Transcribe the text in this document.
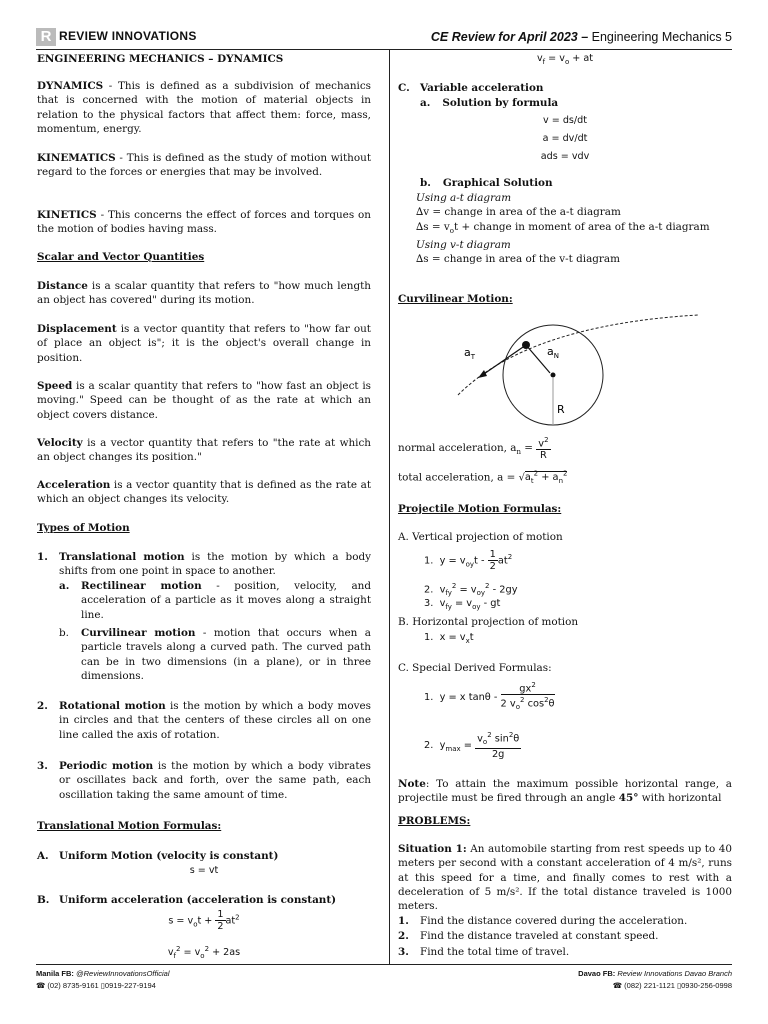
R REVIEW INNOVATIONS	CE Review for April 2023 – Engineering Mechanics 5
ENGINEERING MECHANICS – DYNAMICS

DYNAMICS - This is defined as a subdivision of mechanics that is concerned with the motion of material objects in relation to the physical factors that affect them: force, mass, momentum, energy.

KINEMATICS - This is defined as the study of motion without regard to the forces or energies that may be involved.

KINETICS - This concerns the effect of forces and torques on the motion of bodies having mass.

Scalar and Vector Quantities

Distance is a scalar quantity that refers to "how much length an object has covered" during its motion.

Displacement is a vector quantity that refers to "how far out of place an object is"; it is the object's overall change in position.

Speed is a scalar quantity that refers to "how fast an object is moving." Speed can be thought of as the rate at which an object covers distance.

Velocity is a vector quantity that refers to "the rate at which an object changes its position."

Acceleration is a vector quantity that is defined as the rate at which an object changes its velocity.

Types of Motion
1.	Translational motion is the motion by which a body shifts from one point in space to another.

a. Rectilinear motion - position, velocity, and acceleration of a particle as it moves along a straight line.

b. Curvilinear motion - motion that occurs when a particle travels along a curved path. The curved path can be in two dimensions (in a plane), or in three dimensions.

2.	Rotational motion is the motion by which a body moves in circles and that the centers of these circles all on one line called the axis of rotation.

3.	Periodic motion is the motion by which a body vibrates or oscillates back and forth, over the same path, each oscillation taking the same amount of time.

Translational Motion Formulas:
A. Uniform Motion (velocity is constant)
s = vt
B. Uniform acceleration (acceleration is constant)
$s = v_ot + \frac{1}{2} at^2$
$v_f^2 = v_o^2 + 2as$
$v_f = v_o$ + at
C. Variable acceleration
a. Solution by formula
v = ds/dt
a = dv/dt
ads = vdv
b. Graphical Solution
Using a-t diagram
∆v = change in area of the a-t diagram

$\Delta s = v_ot$ + change in moment of area of the a-t diagram

Using v-t diagram
∆s = change in area of the v-t diagram
Curvilinear Motion:
$a_T$	$a_N$
R
normal acceleration, $a_n = \frac{v^2}{R}$
total acceleration, $a = √a_t^2 + a_n^2$
Projectile Motion Formulas:
A. Vertical projection of motion
1.  $y = v_{oy}t - \frac{1}{2} at^2$
2.  $v_{fy}^2 = v_{oy}^2 - 2gy$
3.  $v_{fy} = v_{oy}$ - gt
B. Horizontal projection of motion
1.  $x = v_xt$
C. Special Derived Formulas:
1.  y = x tanθ - $\frac{gx^2}{2 v_o^2 \cos^2\theta}$
2.  $y_{max} = \frac{v_o^2 \sin^2\theta}{2g}$

Note: To attain the maximum possible horizontal range, a projectile must be fired through an angle 45° with horizontal

PROBLEMS:

Situation 1: An automobile starting from rest speeds up to 40 meters per second with a constant acceleration of 4 m/s², runs at this speed for a time, and finally comes to rest with a deceleration of 5 m/s². If the total distance traveled is 1000 meters.

1. Find the distance covered during the acceleration.
2. Find the distance traveled at constant speed.
3. Find the total time of travel.
Manila FB: @ReviewInnovationsOfficial
☎ (02) 8735-9161 ▯0919-227-9194
Davao FB: Review Innovations Davao Branch
☎ (082) 221-1121 ▯0930-256-0998
